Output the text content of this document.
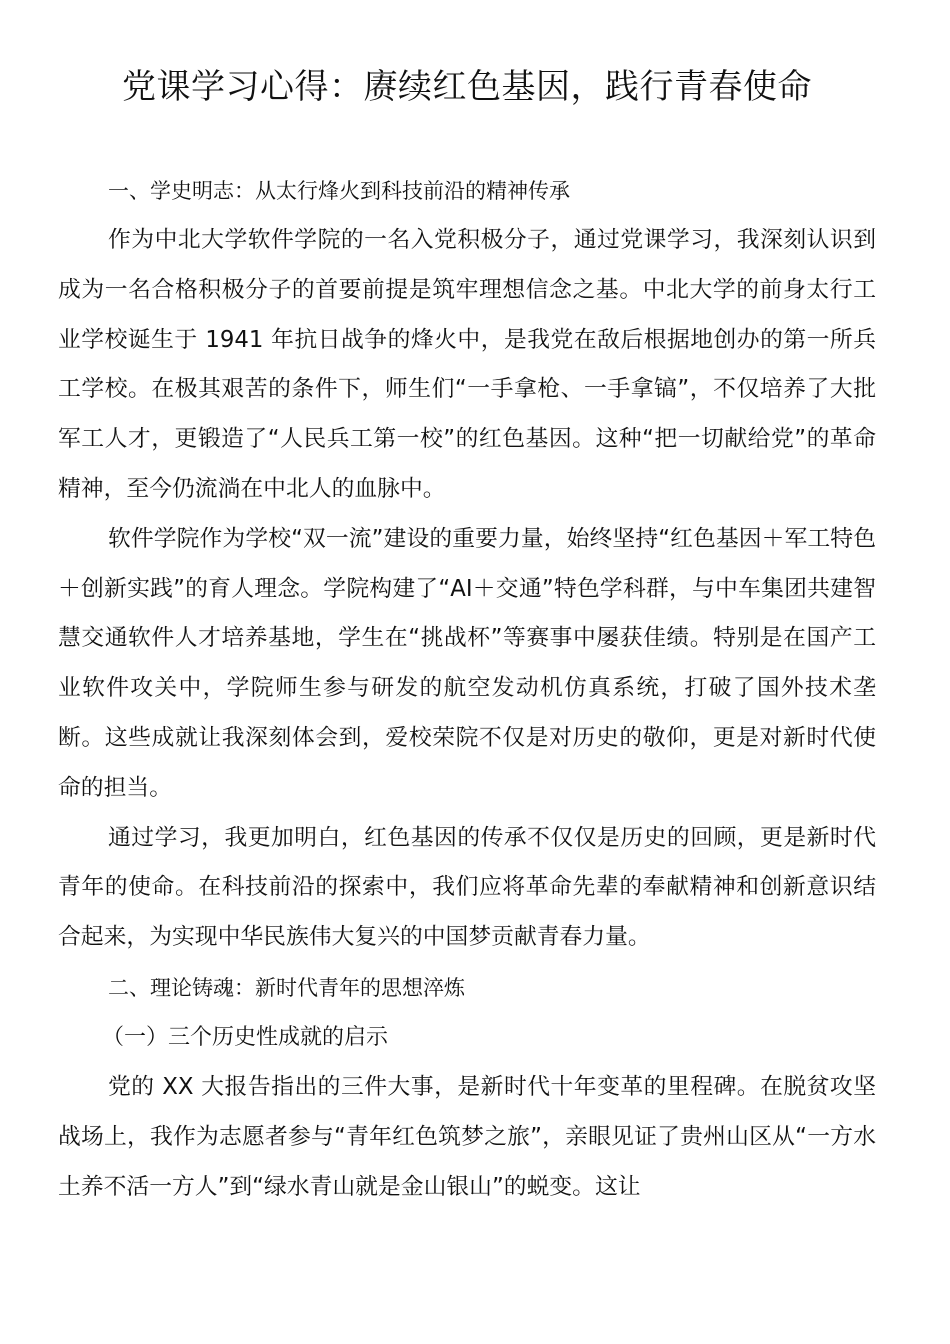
党课学习心得：赓续红色基因，践行青春使命

一、学史明志：从太行烽火到科技前沿的精神传承

作为中北大学软件学院的一名入党积极分子，通过党课学习，我深刻认识到成为一名合格积极分子的首要前提是筑牢理想信念之基。中北大学的前身太行工业学校诞生于 1941 年抗日战争的烽火中，是我党在敌后根据地创办的第一所兵工学校。在极其艰苦的条件下，师生们“一手拿枪、一手拿镐”，不仅培养了大批军工人才，更锻造了“人民兵工第一校”的红色基因。这种“把一切献给党”的革命精神，至今仍流淌在中北人的血脉中。

软件学院作为学校“双一流”建设的重要力量，始终坚持“红色基因＋军工特色＋创新实践”的育人理念。学院构建了“AI＋交通”特色学科群，与中车集团共建智慧交通软件人才培养基地，学生在“挑战杯”等赛事中屡获佳绩。特别是在国产工业软件攻关中，学院师生参与研发的航空发动机仿真系统，打破了国外技术垄断。这些成就让我深刻体会到，爱校荣院不仅是对历史的敬仰，更是对新时代使命的担当。

通过学习，我更加明白，红色基因的传承不仅仅是历史的回顾，更是新时代青年的使命。在科技前沿的探索中，我们应将革命先辈的奉献精神和创新意识结合起来，为实现中华民族伟大复兴的中国梦贡献青春力量。

二、理论铸魂：新时代青年的思想淬炼

（一）三个历史性成就的启示

党的 XX 大报告指出的三件大事，是新时代十年变革的里程碑。在脱贫攻坚战场上，我作为志愿者参与“青年红色筑梦之旅”，亲眼见证了贵州山区从“一方水土养不活一方人”到“绿水青山就是金山银山”的蜕变。这让
